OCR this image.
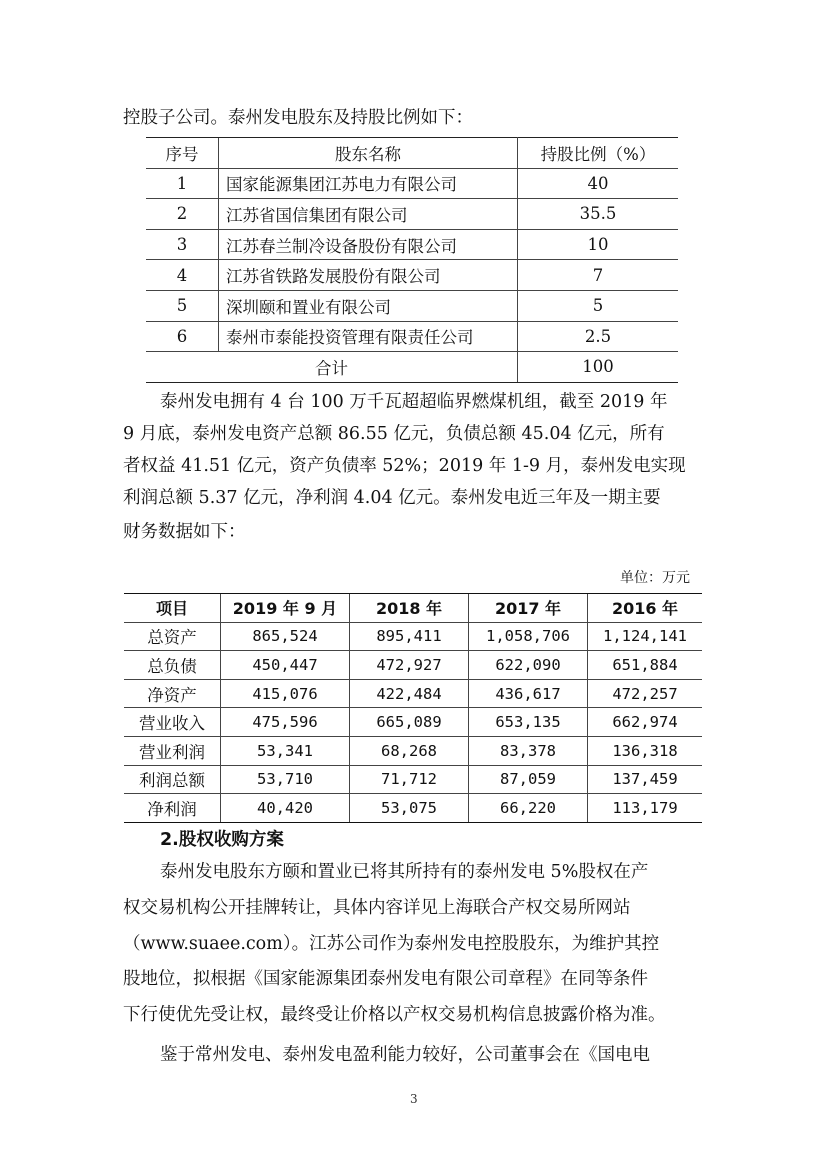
控股子公司。泰州发电股东及持股比例如下：
序号	股东名称	持股比例（%）
1	国家能源集团江苏电力有限公司	40
2	江苏省国信集团有限公司	35.5
3	江苏春兰制冷设备股份有限公司	10
4	江苏省铁路发展股份有限公司	7
5	深圳颐和置业有限公司	5
6	泰州市泰能投资管理有限责任公司	2.5
合计		100
泰州发电拥有 4 台 100 万千瓦超超临界燃煤机组，截至 2019 年
9 月底，泰州发电资产总额 86.55 亿元，负债总额 45.04 亿元，所有
者权益 41.51 亿元，资产负债率 52%；2019 年 1-9 月，泰州发电实现
利润总额 5.37 亿元，净利润 4.04 亿元。泰州发电近三年及一期主要
财务数据如下：
单位：万元
项目	2019 年 9 月	2018 年	2017 年	2016 年
总资产	865,524	895,411	1,058,706	1,124,141
总负债	450,447	472,927	622,090	651,884
净资产	415,076	422,484	436,617	472,257
营业收入	475,596	665,089	653,135	662,974
营业利润	53,341	68,268	83,378	136,318
利润总额	53,710	71,712	87,059	137,459
净利润	40,420	53,075	66,220	113,179
2.股权收购方案
泰州发电股东方颐和置业已将其所持有的泰州发电 5%股权在产
权交易机构公开挂牌转让，具体内容详见上海联合产权交易所网站
（www.suaee.com）。江苏公司作为泰州发电控股股东，为维护其控
股地位，拟根据《国家能源集团泰州发电有限公司章程》在同等条件
下行使优先受让权，最终受让价格以产权交易机构信息披露价格为准。
鉴于常州发电、泰州发电盈利能力较好，公司董事会在《国电电
3
